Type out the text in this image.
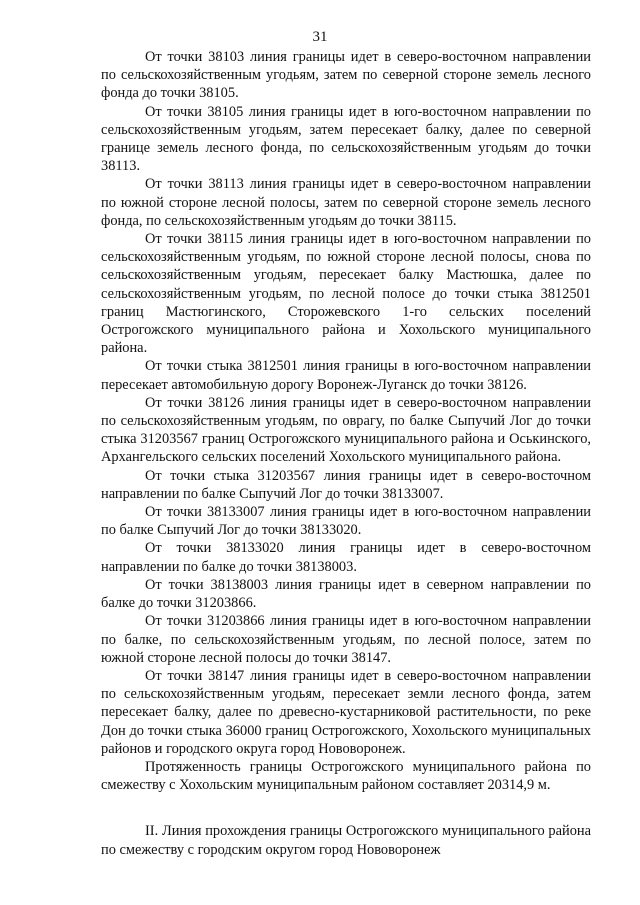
31

От точки 38103 линия границы идет в северо-восточном направлении по сельскохозяйственным угодьям, затем по северной стороне земель лесного фонда до точки 38105.

От точки 38105 линия границы идет в юго-восточном направлении по сельскохозяйственным угодьям, затем пересекает балку, далее по северной границе земель лесного фонда, по сельскохозяйственным угодьям до точки 38113.

От точки 38113 линия границы идет в северо-восточном направлении по южной стороне лесной полосы, затем по северной стороне земель лесного фонда, по сельскохозяйственным угодьям до точки 38115.

От точки 38115 линия границы идет в юго-восточном направлении по сельскохозяйственным угодьям, по южной стороне лесной полосы, снова по сельскохозяйственным угодьям, пересекает балку Мастюшка, далее по сельскохозяйственным угодьям, по лесной полосе до точки стыка 3812501 границ Мастюгинского, Сторожевского 1-го сельских поселений Острогожского муниципального района и Хохольского муниципального района.

От точки стыка 3812501 линия границы в юго-восточном направлении пересекает автомобильную дорогу Воронеж-Луганск до точки 38126.

От точки 38126 линия границы идет в северо-восточном направлении по сельскохозяйственным угодьям, по оврагу, по балке Сыпучий Лог до точки стыка 31203567 границ Острогожского муниципального района и Оськинского, Архангельского сельских поселений Хохольского муниципального района.

От точки стыка 31203567 линия границы идет в северо-восточном направлении по балке Сыпучий Лог до точки 38133007.

От точки 38133007 линия границы идет в юго-восточном направлении по балке Сыпучий Лог до точки 38133020.

От точки 38133020 линия границы идет в северо-восточном направлении по балке до точки 38138003.

От точки 38138003 линия границы идет в северном направлении по балке до точки 31203866.

От точки 31203866 линия границы идет в юго-восточном направлении по балке, по сельскохозяйственным угодьям, по лесной полосе, затем по южной стороне лесной полосы до точки 38147.

От точки 38147 линия границы идет в северо-восточном направлении по сельскохозяйственным угодьям, пересекает земли лесного фонда, затем пересекает балку, далее по древесно-кустарниковой растительности, по реке Дон до точки стыка 36000 границ Острогожского, Хохольского муниципальных районов и городского округа город Нововоронеж.

Протяженность границы Острогожского муниципального района по смежеству с Хохольским муниципальным районом составляет 20314,9 м.

II. Линия прохождения границы Острогожского муниципального района по смежеству с городским округом город Нововоронеж
